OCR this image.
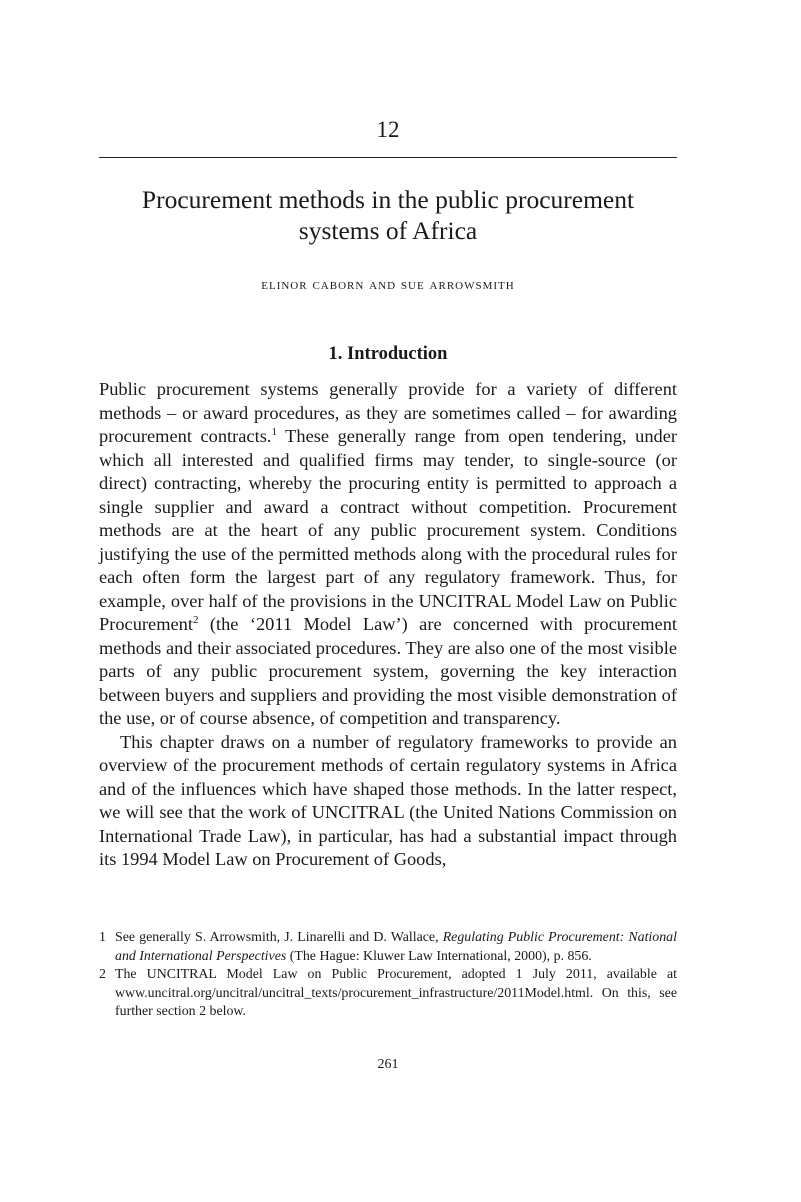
12
Procurement methods in the public procurement
systems of Africa
elinor caborn and sue arrowsmith
1. Introduction

Public procurement systems generally provide for a variety of different methods – or award procedures, as they are sometimes called – for awarding procurement contracts.$^1$ These generally range from open tendering, under which all interested and qualified firms may tender, to single-source (or direct) contracting, whereby the procuring entity is permitted to approach a single supplier and award a contract without competition. Procurement methods are at the heart of any public procurement system. Conditions justifying the use of the permitted methods along with the procedural rules for each often form the largest part of any regulatory framework. Thus, for example, over half of the provisions in the UNCITRAL Model Law on Public Procurement$^2$ (the ‘2011 Model Law’) are concerned with procurement methods and their associated procedures. They are also one of the most visible parts of any public procurement system, governing the key interaction between buyers and suppliers and providing the most visible demonstration of the use, or of course absence, of competition and transparency.

This chapter draws on a number of regulatory frameworks to provide an overview of the procurement methods of certain regulatory systems in Africa and of the influences which have shaped those methods. In the latter respect, we will see that the work of UNCITRAL (the United Nations Commission on International Trade Law), in particular, has had a substantial impact through its 1994 Model Law on Procurement of Goods,

1 See generally S. Arrowsmith, J. Linarelli and D. Wallace, Regulating Public Procurement: National and International Perspectives (The Hague: Kluwer Law International, 2000), p. 856.
2 The UNCITRAL Model Law on Public Procurement, adopted 1 July 2011, available at www.uncitral.org/uncitral/uncitral_texts/procurement_infrastructure/2011Model.html. On this, see further section 2 below.
261
